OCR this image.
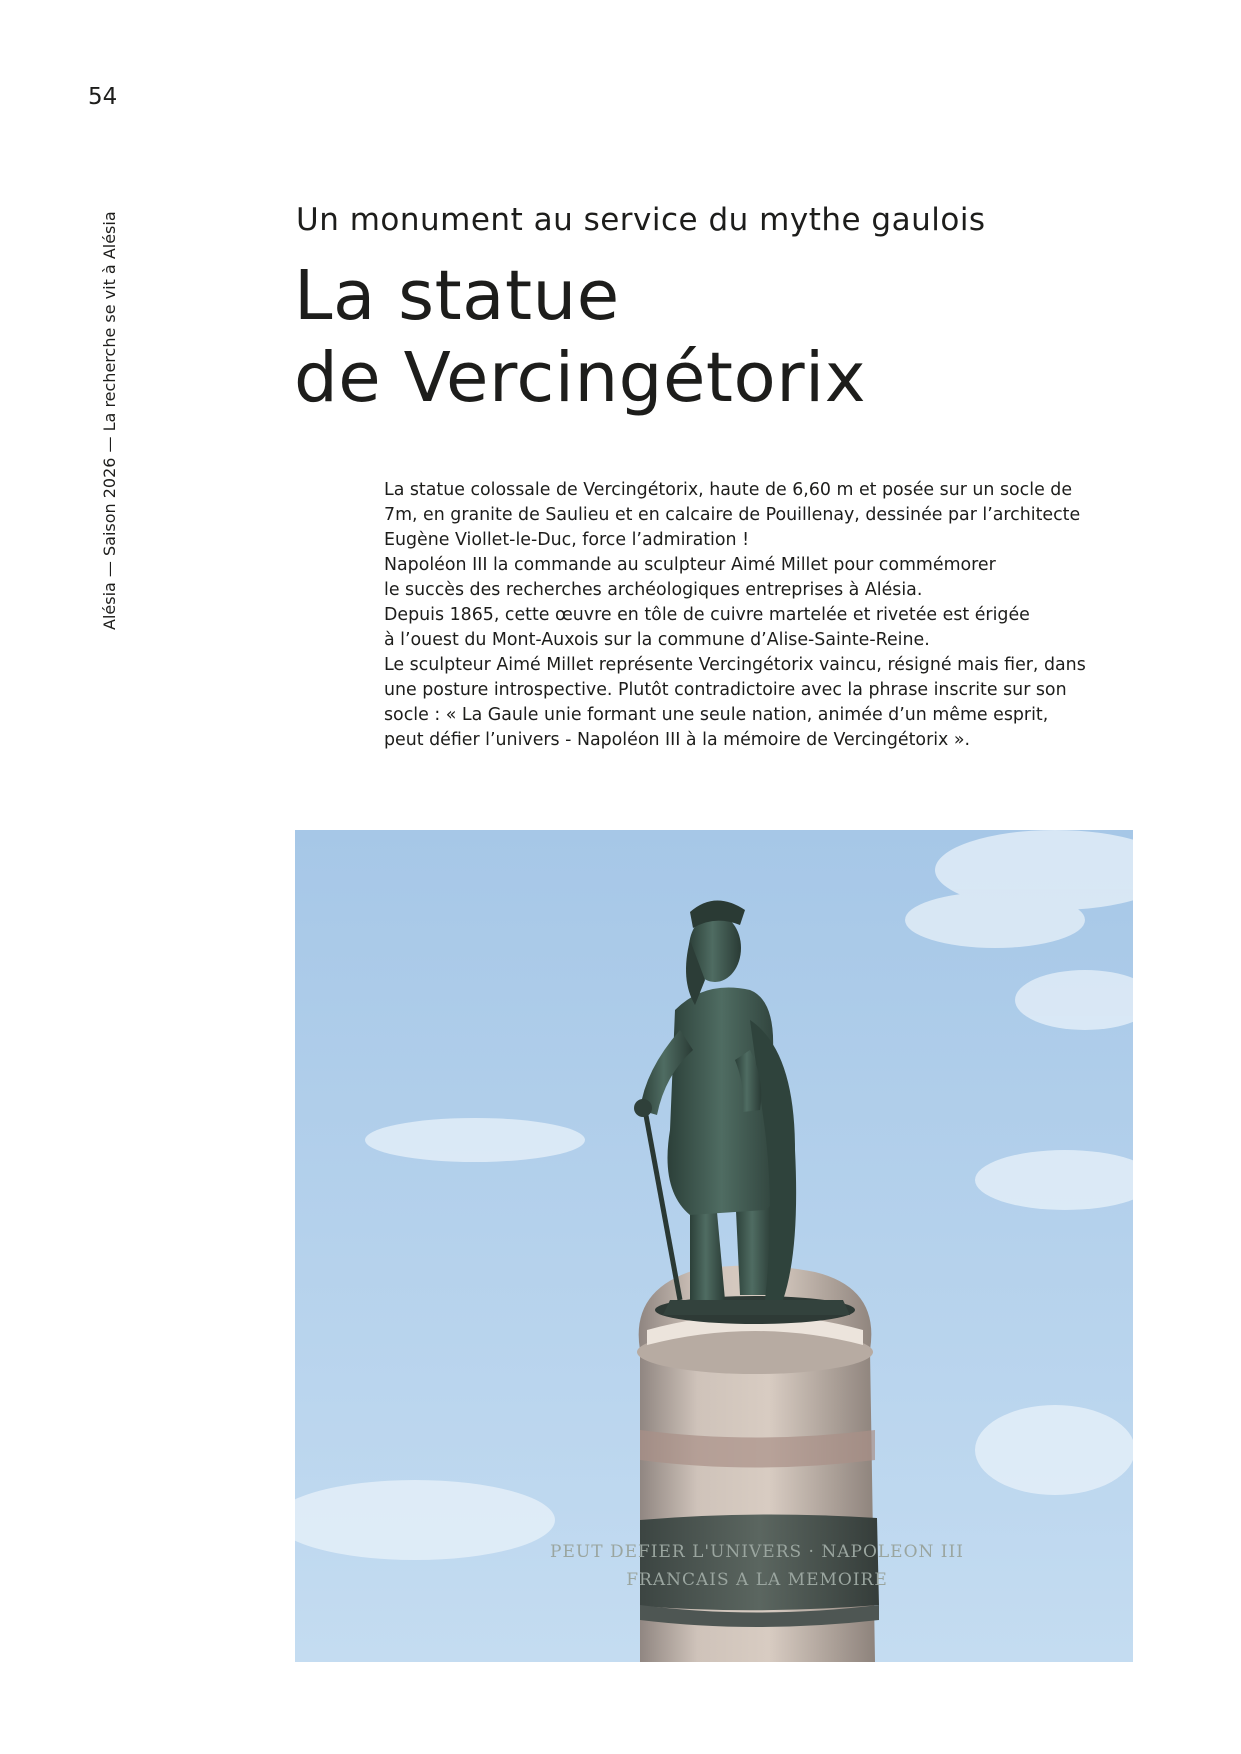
54
Alésia — Saison 2026 — La recherche se vit à Alésia	Un monument au service du mythe gaulois
La statue
de Vercingétorix
La statue colossale de Vercingétorix, haute de 6,60 m et posée sur un socle de
7m, en granite de Saulieu et en calcaire de Pouillenay, dessinée par l’architecte
Eugène Viollet-le-Duc, force l’admiration !
Napoléon III la commande au sculpteur Aimé Millet pour commémorer
le succès des recherches archéologiques entreprises à Alésia.
Depuis 1865, cette œuvre en tôle de cuivre martelée et rivetée est érigée
à l’ouest du Mont-Auxois sur la commune d’Alise-Sainte-Reine.
Le sculpteur Aimé Millet représente Vercingétorix vaincu, résigné mais fier, dans
une posture introspective. Plutôt contradictoire avec la phrase inscrite sur son
socle : « La Gaule unie formant une seule nation, animée d’un même esprit,
peut défier l’univers - Napoléon III à la mémoire de Vercingétorix ».
PEUT DEFIER L'UNIVERS · NAPOLEON III
FRANCAIS A LA MEMOIRE
